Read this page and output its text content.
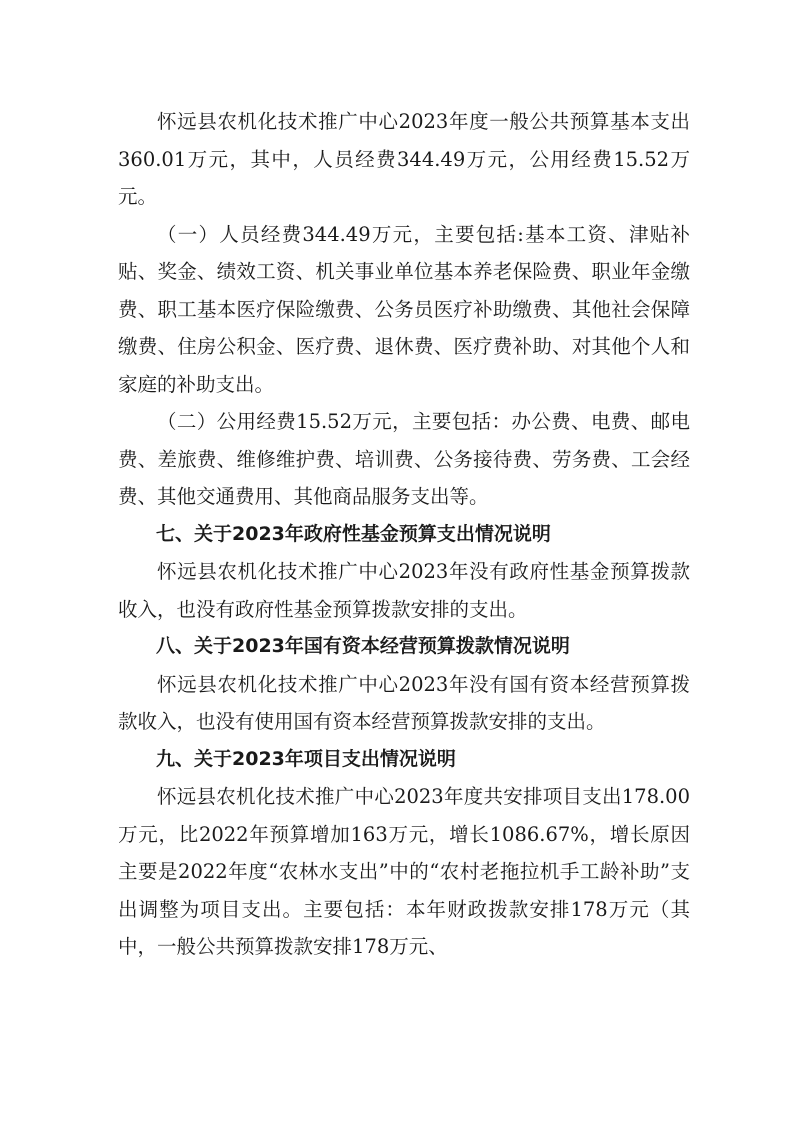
怀远县农机化技术推广中心2023年度一般公共预算基本支出360.01万元，其中，人员经费344.49万元，公用经费15.52万元。

（一）人员经费344.49万元，主要包括:基本工资、津贴补贴、奖金、绩效工资、机关事业单位基本养老保险费、职业年金缴费、职工基本医疗保险缴费、公务员医疗补助缴费、其他社会保障缴费、住房公积金、医疗费、退休费、医疗费补助、对其他个人和家庭的补助支出。

（二）公用经费15.52万元，主要包括：办公费、电费、邮电费、差旅费、维修维护费、培训费、公务接待费、劳务费、工会经费、其他交通费用、其他商品服务支出等。

七、关于2023年政府性基金预算支出情况说明

怀远县农机化技术推广中心2023年没有政府性基金预算拨款收入，也没有政府性基金预算拨款安排的支出。

八、关于2023年国有资本经营预算拨款情况说明

怀远县农机化技术推广中心2023年没有国有资本经营预算拨款收入，也没有使用国有资本经营预算拨款安排的支出。

九、关于2023年项目支出情况说明

怀远县农机化技术推广中心2023年度共安排项目支出178.00万元，比2022年预算增加163万元，增长1086.67%，增长原因主要是2022年度“农林水支出”中的“农村老拖拉机手工龄补助”支出调整为项目支出。主要包括：本年财政拨款安排178万元（其中，一般公共预算拨款安排178万元、
